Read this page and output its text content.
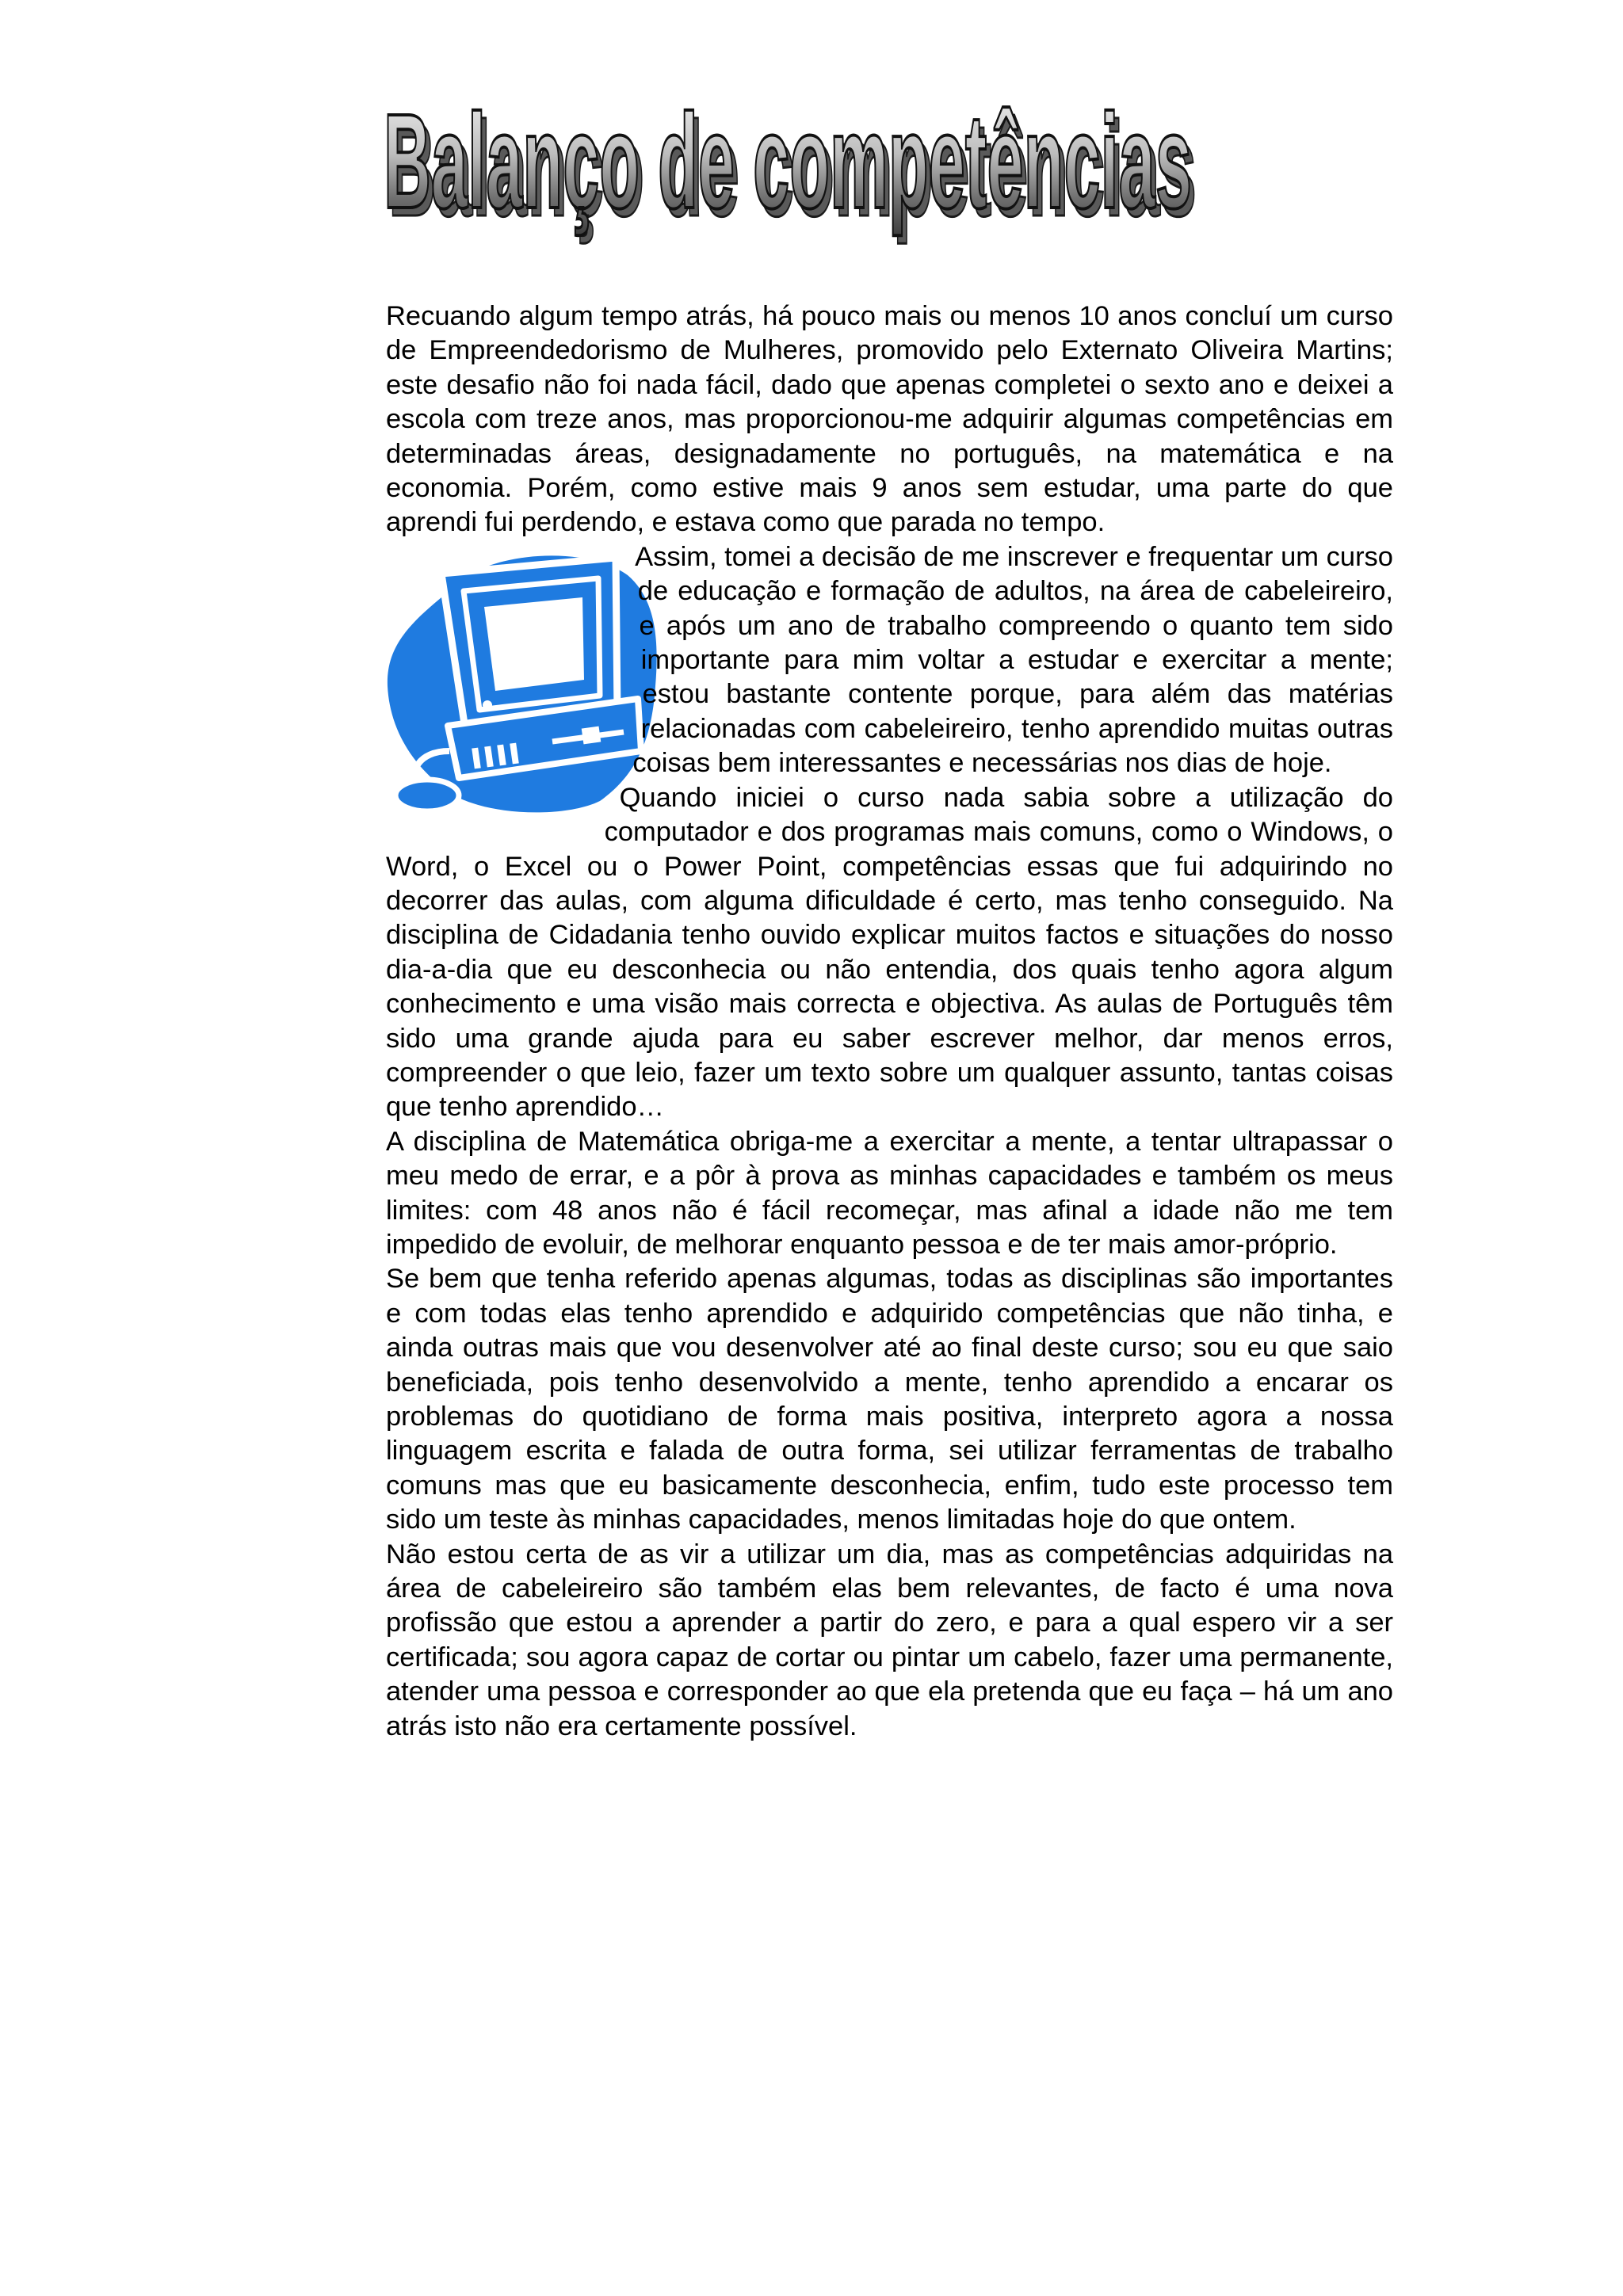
Balanço de competências
Balanço de competências

Recuando algum tempo atrás, há pouco mais ou menos 10 anos concluí um curso de Empreendedorismo de Mulheres, promovido pelo Externato Oliveira Martins; este desafio não foi nada fácil, dado que apenas completei o sexto ano e deixei a escola com treze anos, mas proporcionou-me adquirir algumas competências em determinadas áreas, designadamente no português, na matemática e na economia. Porém, como estive mais 9 anos sem estudar, uma parte do que aprendi fui perdendo, e estava como que parada no tempo.

Assim, tomei a decisão de me inscrever e frequentar um curso de educação e formação de adultos, na área de cabeleireiro, e após um ano de trabalho compreendo o quanto tem sido importante para mim voltar a estudar e exercitar a mente; estou bastante contente porque, para além das matérias relacionadas com cabeleireiro, tenho aprendido muitas outras coisas bem interessantes e necessárias nos dias de hoje.

Quando iniciei o curso nada sabia sobre a utilização do computador e dos programas mais comuns, como o Windows, o Word, o Excel ou o Power Point, competências essas que fui adquirindo no decorrer das aulas, com alguma dificuldade é certo, mas tenho conseguido. Na disciplina de Cidadania tenho ouvido explicar muitos factos e situações do nosso dia-a-dia que eu desconhecia ou não entendia, dos quais tenho agora algum conhecimento e uma visão mais correcta e objectiva. As aulas de Português têm sido uma grande ajuda para eu saber escrever melhor, dar menos erros, compreender o que leio, fazer um texto sobre um qualquer assunto, tantas coisas que tenho aprendido…

A disciplina de Matemática obriga-me a exercitar a mente, a tentar ultrapassar o meu medo de errar, e a pôr à prova as minhas capacidades e também os meus limites: com 48 anos não é fácil recomeçar, mas afinal a idade não me tem impedido de evoluir, de melhorar enquanto pessoa e de ter mais amor-próprio.

Se bem que tenha referido apenas algumas, todas as disciplinas são importantes e com todas elas tenho aprendido e adquirido competências que não tinha, e ainda outras mais que vou desenvolver até ao final deste curso; sou eu que saio beneficiada, pois tenho desenvolvido a mente, tenho aprendido a encarar os problemas do quotidiano de forma mais positiva, interpreto agora a nossa linguagem escrita e falada de outra forma, sei utilizar ferramentas de trabalho comuns mas que eu basicamente desconhecia, enfim, tudo este processo tem sido um teste às minhas capacidades, menos limitadas hoje do que ontem.

Não estou certa de as vir a utilizar um dia, mas as competências adquiridas na área de cabeleireiro são também elas bem relevantes, de facto é uma nova profissão que estou a aprender a partir do zero, e para a qual espero vir a ser certificada; sou agora capaz de cortar ou pintar um cabelo, fazer uma permanente, atender uma pessoa e corresponder ao que ela pretenda que eu faça – há um ano atrás isto não era certamente possível.
